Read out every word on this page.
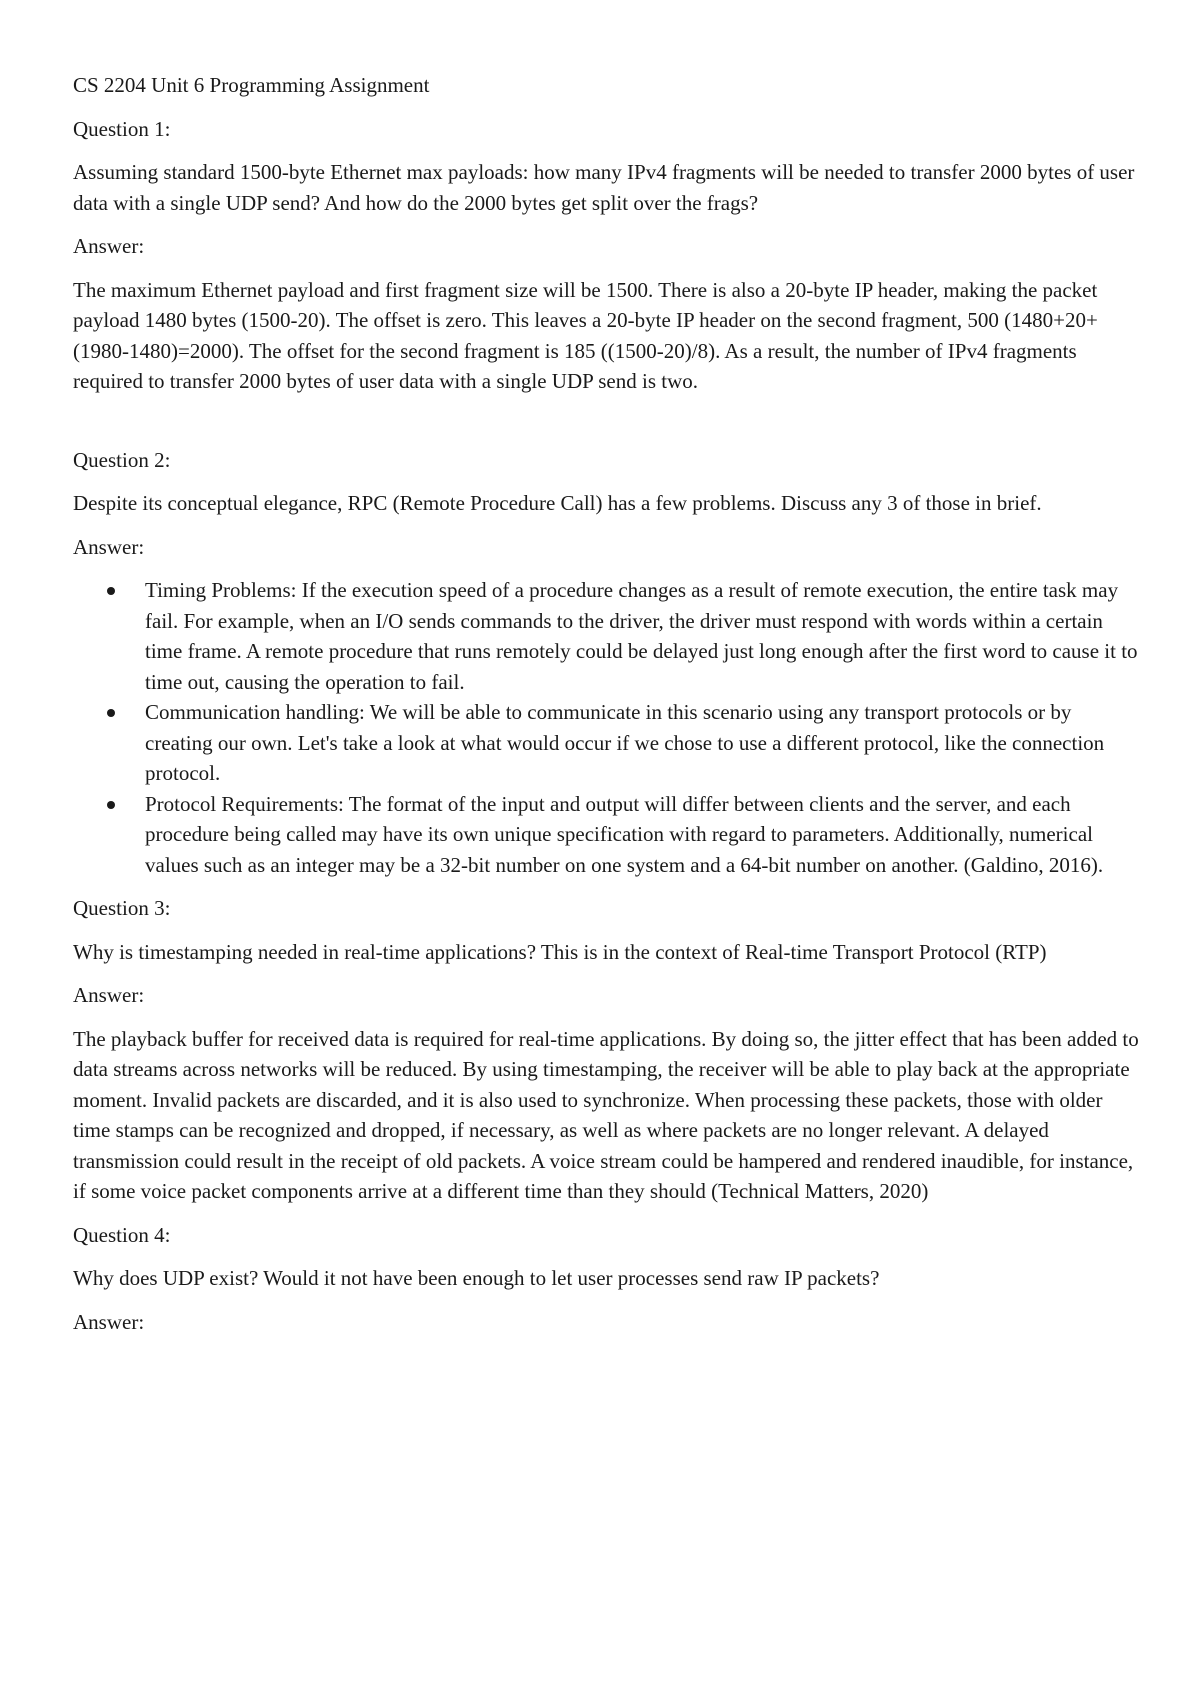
CS 2204 Unit 6 Programming Assignment

Question 1:

Assuming standard 1500-byte Ethernet max payloads: how many IPv4 fragments will be needed to transfer 2000 bytes of user data with a single UDP send? And how do the 2000 bytes get split over the frags?

Answer:

The maximum Ethernet payload and first fragment size will be 1500. There is also a 20-byte IP header, making the packet payload 1480 bytes (1500-20). The offset is zero. This leaves a 20-byte IP header on the second fragment, 500 (1480+20+(1980-1480)=2000). The offset for the second fragment is 185 ((1500-20)/8). As a result, the number of IPv4 fragments required to transfer 2000 bytes of user data with a single UDP send is two.

Question 2:

Despite its conceptual elegance, RPC (Remote Procedure Call) has a few problems. Discuss any 3 of those in brief.

Answer:

Timing Problems: If the execution speed of a procedure changes as a result of remote execution, the entire task may fail. For example, when an I/O sends commands to the driver, the driver must respond with words within a certain time frame. A remote procedure that runs remotely could be delayed just long enough after the first word to cause it to time out, causing the operation to fail.
Communication handling: We will be able to communicate in this scenario using any transport protocols or by creating our own. Let's take a look at what would occur if we chose to use a different protocol, like the connection protocol.
Protocol Requirements: The format of the input and output will differ between clients and the server, and each procedure being called may have its own unique specification with regard to parameters. Additionally, numerical values such as an integer may be a 32-bit number on one system and a 64-bit number on another. (Galdino, 2016).

Question 3:

Why is timestamping needed in real-time applications? This is in the context of Real-time Transport Protocol (RTP)

Answer:

The playback buffer for received data is required for real-time applications. By doing so, the jitter effect that has been added to data streams across networks will be reduced. By using timestamping, the receiver will be able to play back at the appropriate moment. Invalid packets are discarded, and it is also used to synchronize. When processing these packets, those with older time stamps can be recognized and dropped, if necessary, as well as where packets are no longer relevant. A delayed transmission could result in the receipt of old packets. A voice stream could be hampered and rendered inaudible, for instance, if some voice packet components arrive at a different time than they should (Technical Matters, 2020)

Question 4:

Why does UDP exist? Would it not have been enough to let user processes send raw IP packets?

Answer:
